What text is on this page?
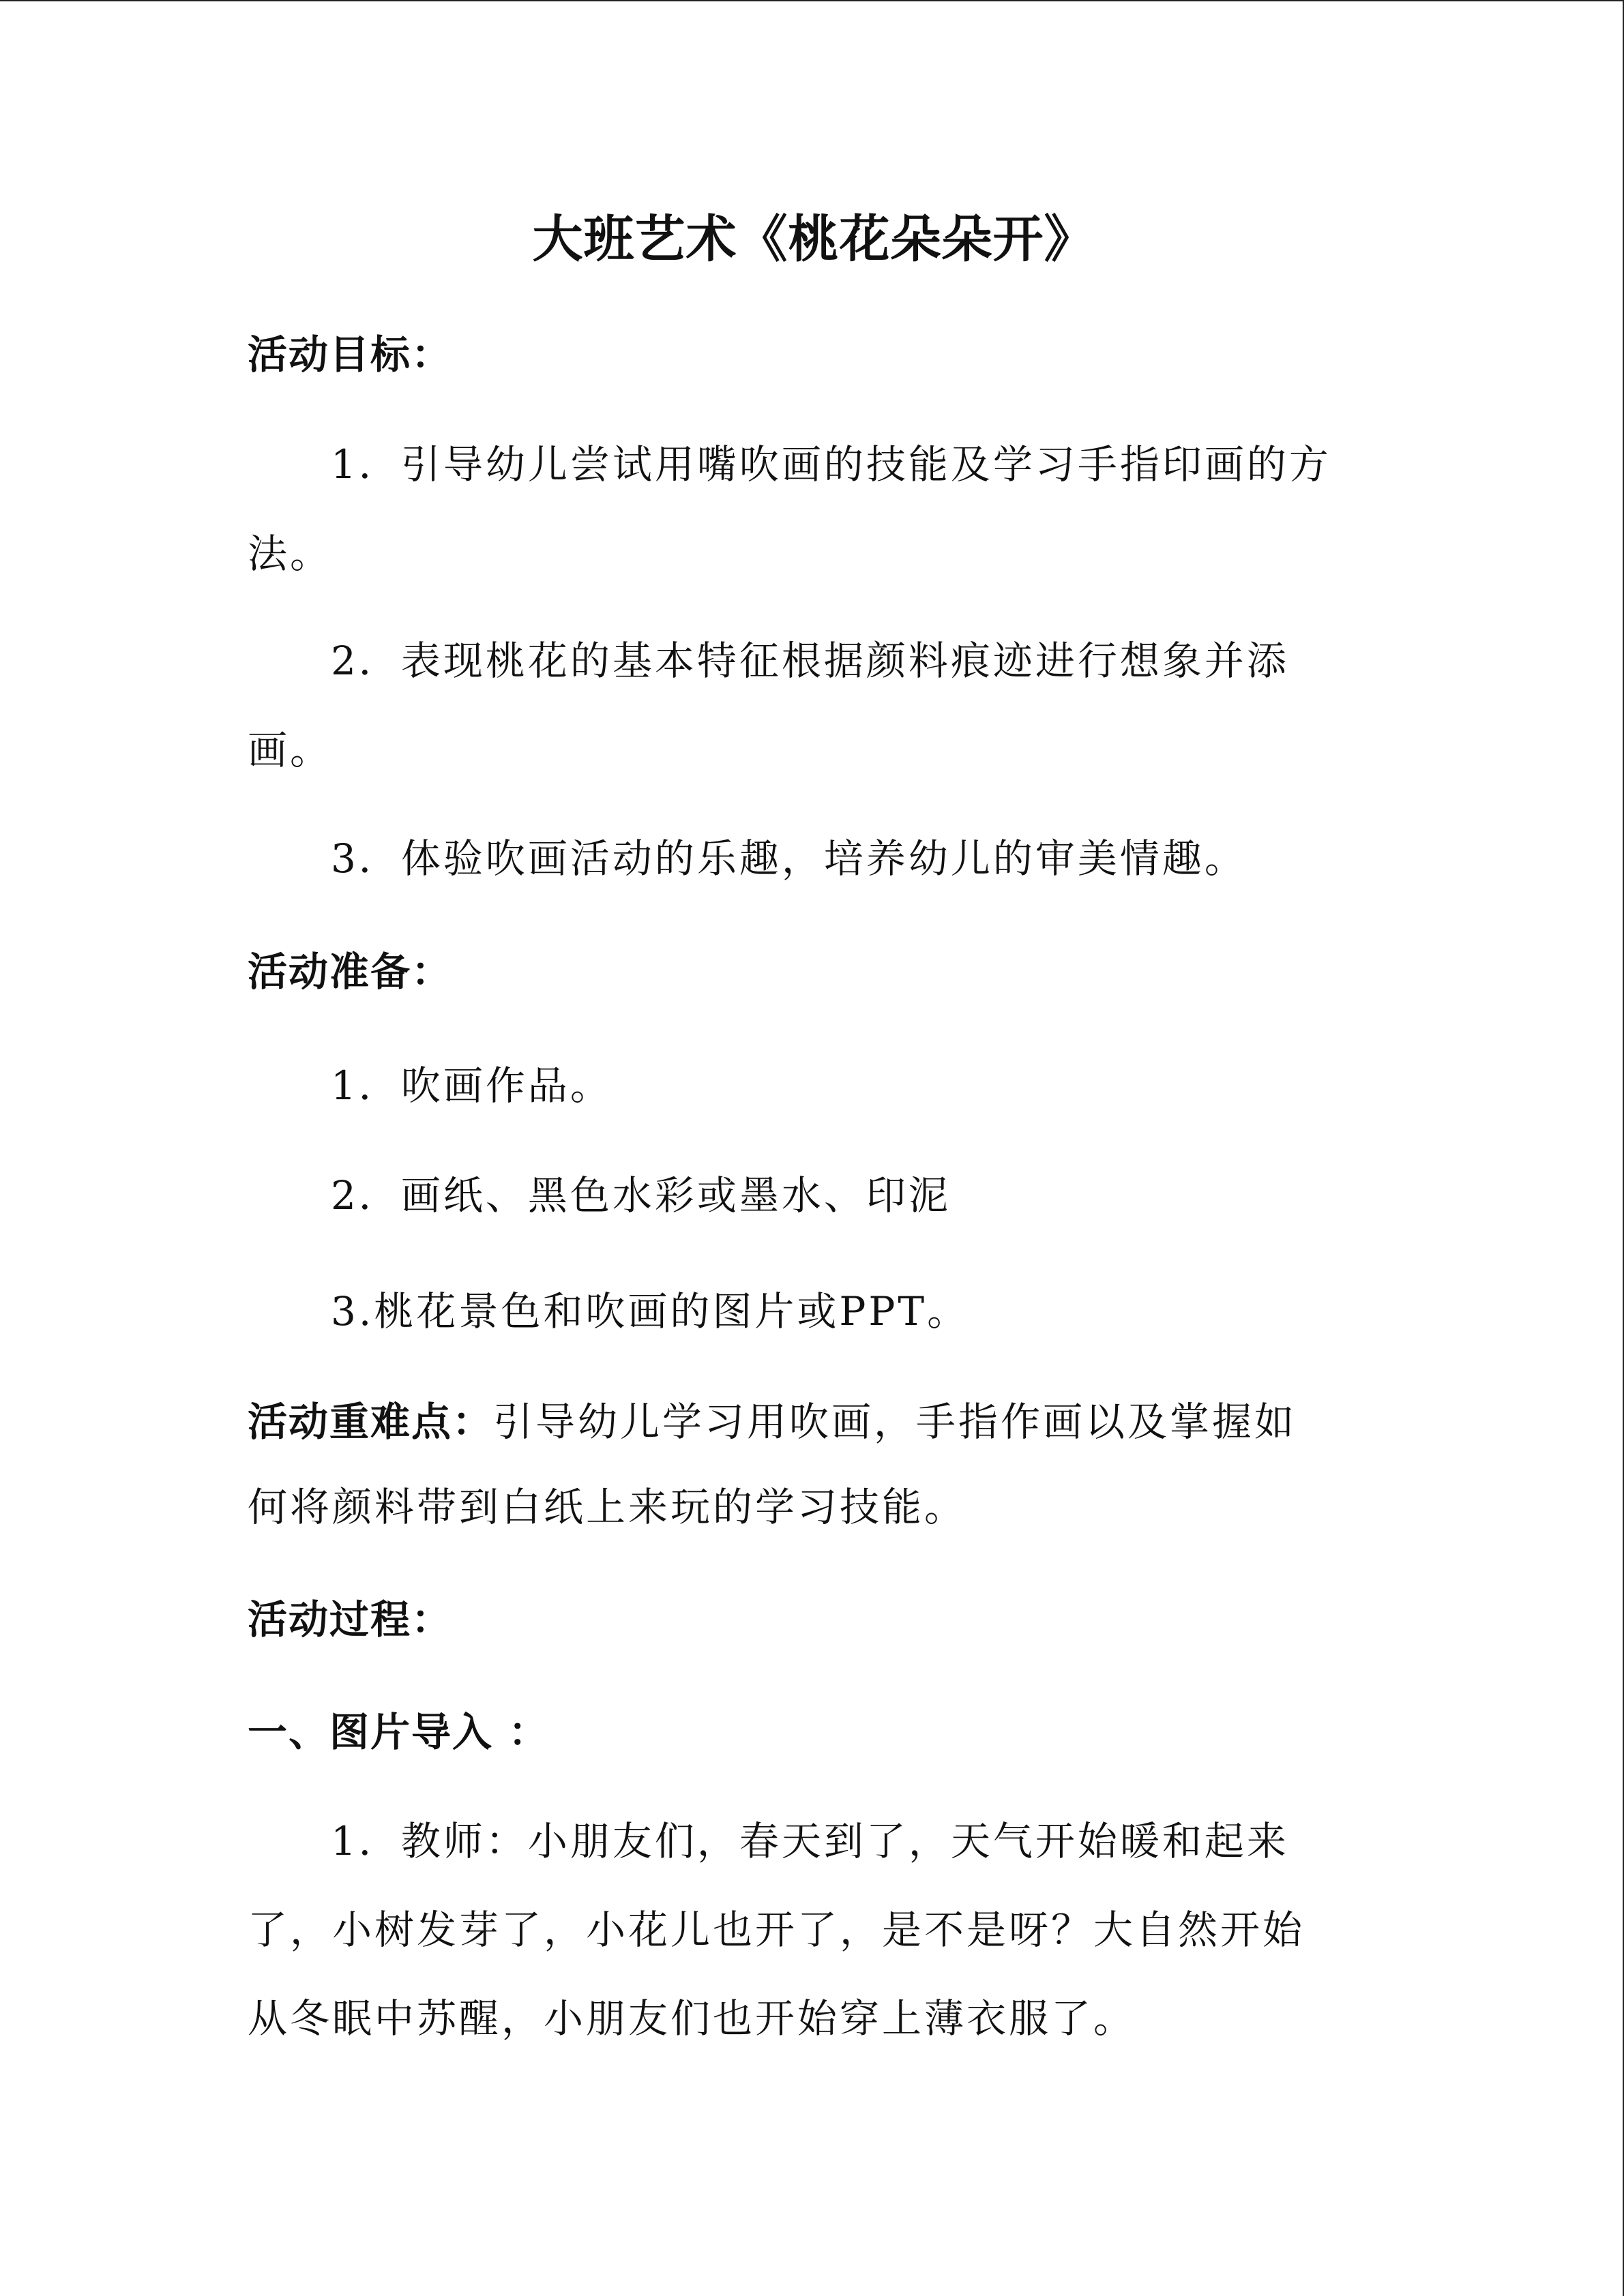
大班艺术《桃花朵朵开》
活动目标：
1．引导幼儿尝试用嘴吹画的技能及学习手指印画的方
法。
2．表现桃花的基本特征根据颜料痕迹进行想象并添
画。
3．体验吹画活动的乐趣，培养幼儿的审美情趣。
活动准备：
1．吹画作品。
2．画纸、黑色水彩或墨水、印泥
3.桃花景色和吹画的图片或PPT。
活动重难点：引导幼儿学习用吹画，手指作画以及掌握如
何将颜料带到白纸上来玩的学习技能。
活动过程：
一、图片导入 ：
1．教师：小朋友们，春天到了，天气开始暖和起来
了，小树发芽了，小花儿也开了，是不是呀？大自然开始
从冬眠中苏醒，小朋友们也开始穿上薄衣服了。
